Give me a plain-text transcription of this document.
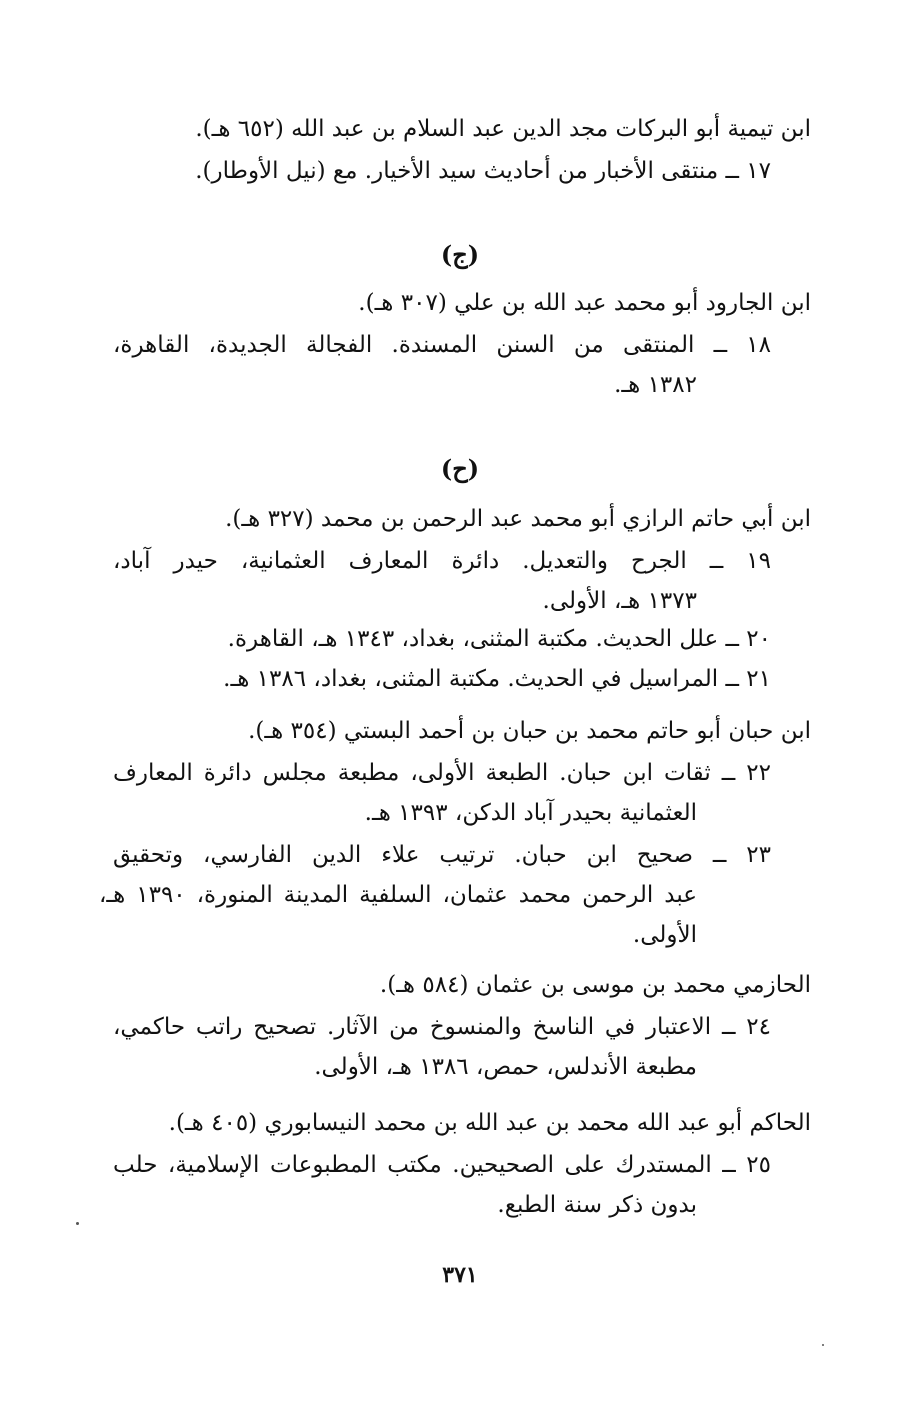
ابن تيمية أبو البركات مجد الدين عبد السلام بن عبد الله (٦٥٢ هـ).
١٧ ــ منتقى الأخبار من أحاديث سيد الأخيار. مع (نيل الأوطار).
(ج)
ابن الجارود أبو محمد عبد الله بن علي (٣٠٧ هـ).
١٨ ــ المنتقى من السنن المسندة. الفجالة الجديدة، القاهرة،
١٣٨٢ هـ.
(ح)
ابن أبي حاتم الرازي أبو محمد عبد الرحمن بن محمد (٣٢٧ هـ).
١٩ ــ الجرح والتعديل. دائرة المعارف العثمانية، حيدر آباد،
١٣٧٣ هـ، الأولى.
٢٠ ــ علل الحديث. مكتبة المثنى، بغداد، ١٣٤٣ هـ، القاهرة.
٢١ ــ المراسيل في الحديث. مكتبة المثنى، بغداد، ١٣٨٦ هـ.
ابن حبان أبو حاتم محمد بن حبان بن أحمد البستي (٣٥٤ هـ).
٢٢ ــ ثقات ابن حبان. الطبعة الأولى، مطبعة مجلس دائرة المعارف
العثمانية بحيدر آباد الدكن، ١٣٩٣ هـ.
٢٣ ــ صحيح ابن حبان. ترتيب علاء الدين الفارسي، وتحقيق
عبد الرحمن محمد عثمان، السلفية المدينة المنورة، ١٣٩٠ هـ،
الأولى.
الحازمي محمد بن موسى بن عثمان (٥٨٤ هـ).
٢٤ ــ الاعتبار في الناسخ والمنسوخ من الآثار. تصحيح راتب حاكمي،
مطبعة الأندلس، حمص، ١٣٨٦ هـ، الأولى.
الحاكم أبو عبد الله محمد بن عبد الله بن محمد النيسابوري (٤٠٥ هـ).
٢٥ ــ المستدرك على الصحيحين. مكتب المطبوعات الإسلامية، حلب
بدون ذكر سنة الطبع.
٣٧١
